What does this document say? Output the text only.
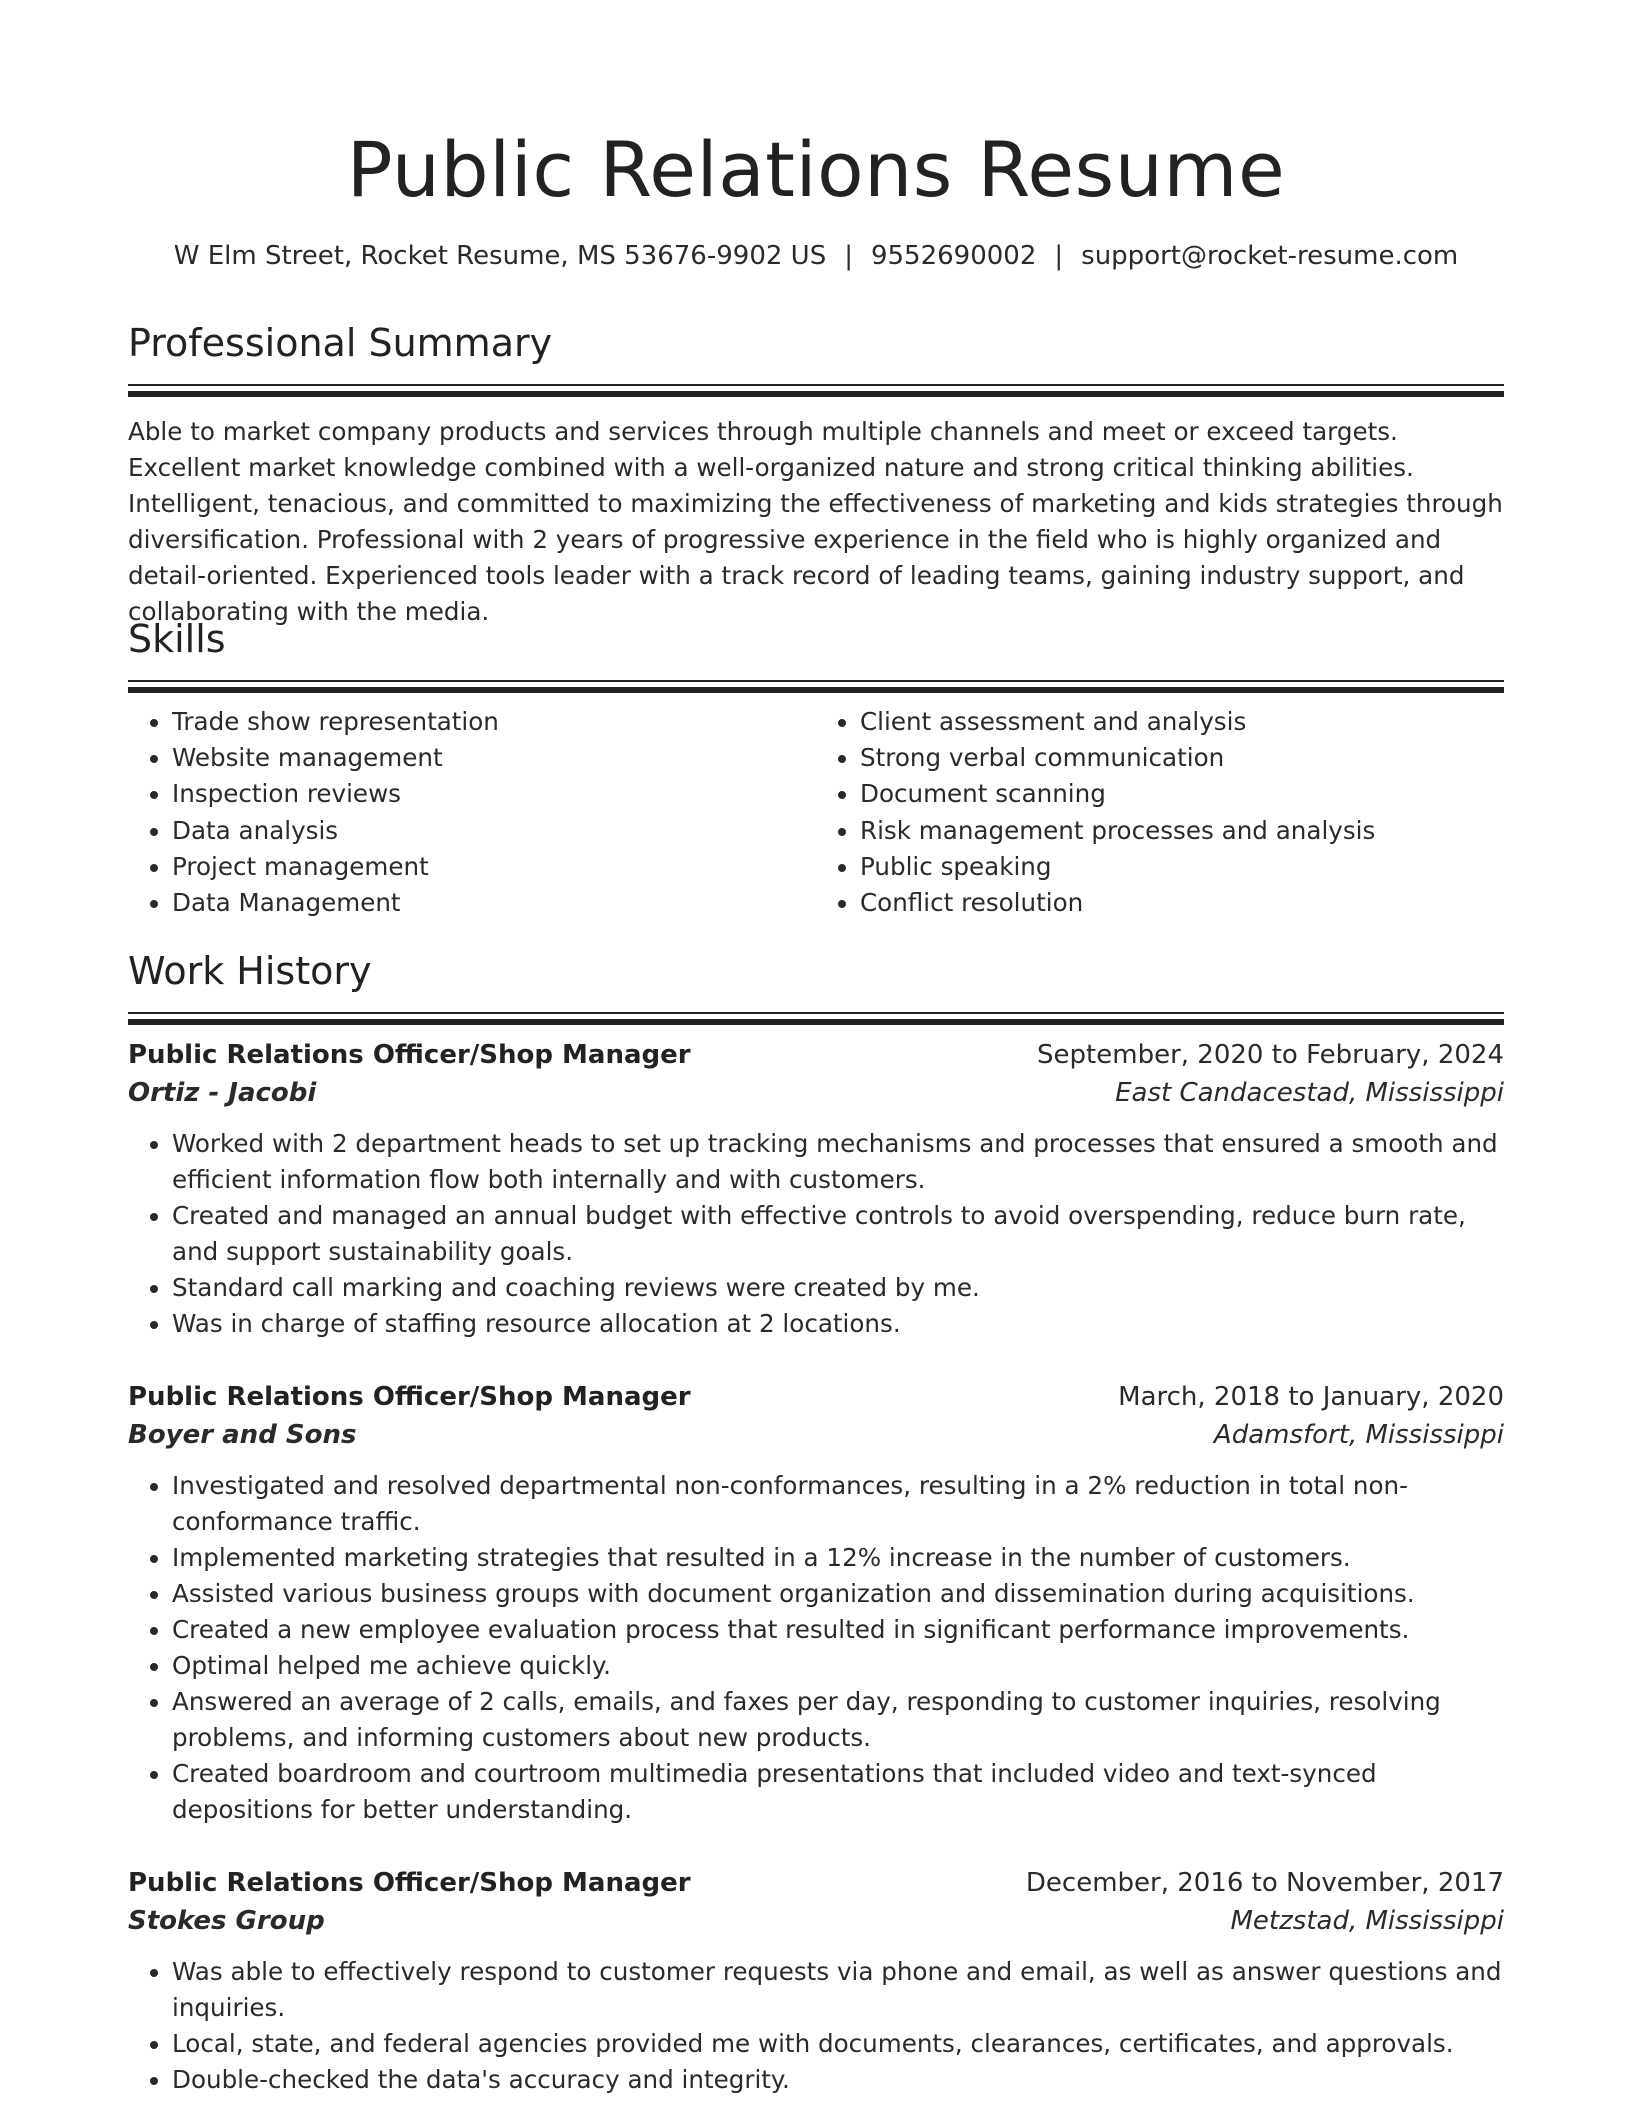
Public Relations Resume
W Elm Street, Rocket Resume, MS 53676-9902 US | 9552690002 | support@rocket-resume.com
Professional Summary
Able to market company products and services through multiple channels and meet or exceed targets. Excellent market knowledge combined with a well-organized nature and strong critical thinking abilities. Intelligent, tenacious, and committed to maximizing the effectiveness of marketing and kids strategies through diversification. Professional with 2 years of progressive experience in the field who is highly organized and detail-oriented. Experienced tools leader with a track record of leading teams, gaining industry support, and collaborating with the media.
Skills
• Trade show representation
• Website management
• Inspection reviews
• Data analysis
• Project management
• Data Management
• Client assessment and analysis
• Strong verbal communication
• Document scanning
• Risk management processes and analysis
• Public speaking
• Conflict resolution
Work History
Public Relations Officer/Shop Manager	September, 2020 to February, 2024
Ortiz - Jacobi	East Candacestad, Mississippi
• Worked with 2 department heads to set up tracking mechanisms and processes that ensured a smooth and efficient information flow both internally and with customers.
• Created and managed an annual budget with effective controls to avoid overspending, reduce burn rate, and support sustainability goals.
• Standard call marking and coaching reviews were created by me.
• Was in charge of staffing resource allocation at 2 locations.
Public Relations Officer/Shop Manager	March, 2018 to January, 2020
Boyer and Sons	Adamsfort, Mississippi
• Investigated and resolved departmental non-conformances, resulting in a 2% reduction in total non-conformance traffic.
• Implemented marketing strategies that resulted in a 12% increase in the number of customers.
• Assisted various business groups with document organization and dissemination during acquisitions.
• Created a new employee evaluation process that resulted in significant performance improvements.
• Optimal helped me achieve quickly.
• Answered an average of 2 calls, emails, and faxes per day, responding to customer inquiries, resolving problems, and informing customers about new products.
• Created boardroom and courtroom multimedia presentations that included video and text-synced depositions for better understanding.
Public Relations Officer/Shop Manager	December, 2016 to November, 2017
Stokes Group	Metzstad, Mississippi
• Was able to effectively respond to customer requests via phone and email, as well as answer questions and inquiries.
• Local, state, and federal agencies provided me with documents, clearances, certificates, and approvals.
• Double-checked the data's accuracy and integrity.
